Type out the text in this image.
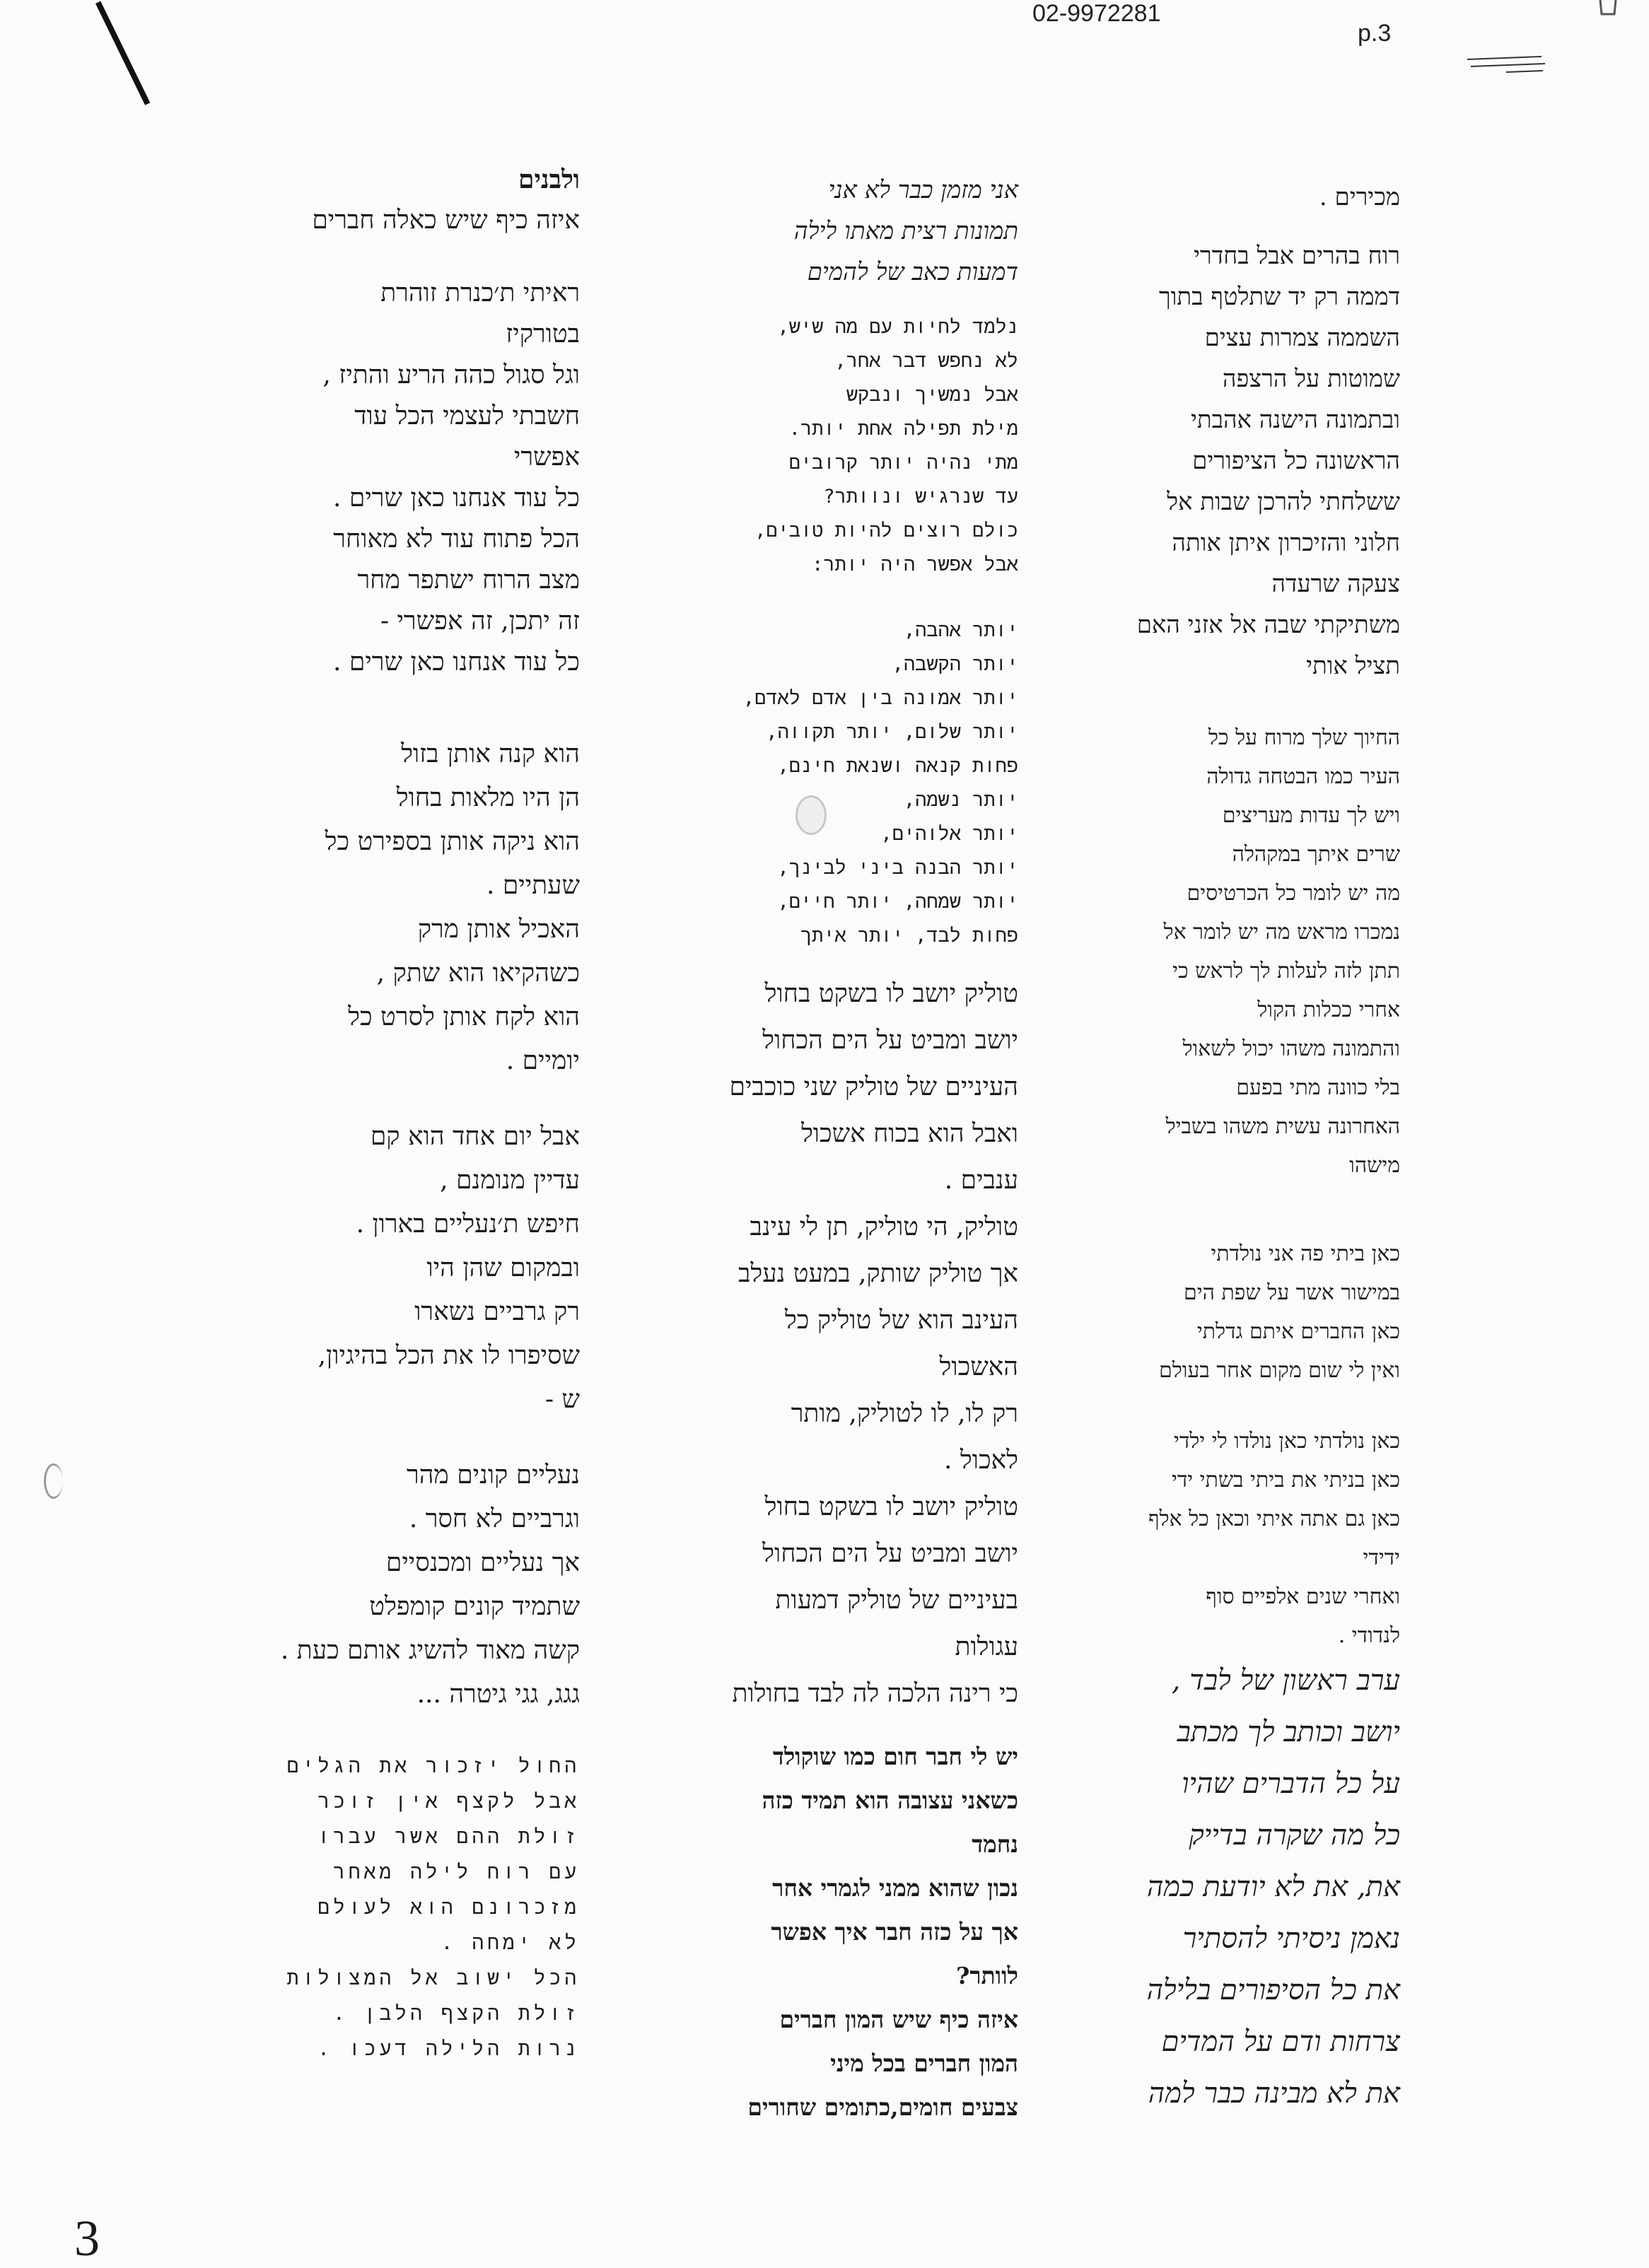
02-9972281
p.3

מכירים .

רוח בהרים אבל בחדרי

דממה רק יד שתלטף בתוך

השממה צמרות עצים

שמוטות על הרצפה

ובתמונה הישנה אהבתי

הראשונה כל הציפורים

ששלחתי להרכן שבות אל

חלוני והזיכרון איתן אותה

צעקה שרעדה

משתיקתי שבה אל אזני האם

תציל אותי

החיוך שלך מרוח על כל

העיר כמו הבטחה גדולה

ויש לך עדות מעריצים

שרים איתך במקהלה

מה יש לומר כל הכרטיסים

נמכרו מראש מה יש לומר אל

תתן לזה לעלות לך לראש כי

אחרי ככלות הקול

והתמונה משהו יכול לשאול

בלי כוונה מתי בפעם

האחרונה עשית משהו בשביל

מישהו

כאן ביתי פה אני נולדתי

במישור אשר על שפת הים

כאן החברים איתם גדלתי

ואין לי שום מקום אחר בעולם

כאן נולדתי כאן נולדו לי ילדי

כאן בניתי את ביתי בשתי ידי

כאן גם אתה איתי וכאן כל אלף

ידידי

ואחרי שנים אלפיים סוף

לנדודי .

ערב ראשון של לבד ,

יושב וכותב לך מכתב

על כל הדברים שהיו

כל מה שקרה בדייק

את, את לא יודעת כמה

נאמן ניסיתי להסתיר

את כל הסיפורים בלילה

צרחות ודם על המדים

את לא מבינה כבר למה

אני מזמן כבר לא אני

תמונות רצית מאתו לילה

דמעות כאב של להמים

נלמד לחיות עם מה שיש,

לא נחפש דבר אחר,

אבל נמשיך ונבקש

מילת תפילה אחת יותר.

מתי נהיה יותר קרובים

עד שנרגיש ונוותר?

כולם רוצים להיות טובים,

אבל אפשר היה יותר:

יותר אהבה,

יותר הקשבה,

יותר אמונה בין אדם לאדם,

יותר שלום, יותר תקווה,

פחות קנאה ושנאת חינם,

יותר נשמה,

יותר אלוהים,

יותר הבנה ביני לבינך,

יותר שמחה, יותר חיים,

פחות לבד, יותר איתך

טוליק יושב לו בשקט בחול

יושב ומביט על הים הכחול

העיניים של טוליק שני כוכבים

ואבל הוא בכוח אשכול

ענבים .

טוליק, הי טוליק, תן לי עינב

אך טוליק שותק, במעט נעלב

העינב הוא של טוליק כל

האשכול

רק לו, לו לטוליק, מותר

לאכול .

טוליק יושב לו בשקט בחול

יושב ומביט על הים הכחול

בעיניים של טוליק דמעות

עגולות

כי רינה הלכה לה לבד בחולות

יש לי חבר חום כמו שוקולד

כשאני עצובה הוא תמיד כזה

נחמד

נכון שהוא ממני לגמרי אחר

אך על כזה חבר איך אפשר

לוותר?

איזה כיף שיש המון חברים

המון חברים בכל מיני

צבעים חומים,כתומים שחורים

ולבנים

איזה כיף שיש כאלה חברים

ראיתי ת׳כנרת זוהרת

בטורקיז

וגל סגול כהה הריע והתיז ,

חשבתי לעצמי הכל עוד

אפשרי

כל עוד אנחנו כאן שרים .

הכל פתוח עוד לא מאוחר

מצב הרוח ישתפר מחר

זה יתכן, זה אפשרי -

כל עוד אנחנו כאן שרים .

הוא קנה אותן בזול

הן היו מלאות בחול

הוא ניקה אותן בספירט כל

שעתיים .

האכיל אותן מרק

כשהקיאו הוא שתק ,

הוא לקח אותן לסרט כל

יומיים .

אבל יום אחד הוא קם

עדיין מנומנם ,

חיפש ת׳נעליים בארון .

ובמקום שהן היו

רק גרביים נשארו

שסיפרו לו את הכל בהיגיון,

ש -

נעליים קונים מהר

וגרביים לא חסר .

אך נעליים ומכנסיים

שתמיד קונים קומפלט

קשה מאוד להשיג אותם כעת .

גגג, גגי גיטרה ...

החול יזכור את הגלים

אבל לקצף אין זוכר

זולת ההם אשר עברו

עם רוח לילה מאחר

מזכרונם הוא לעולם

לא ימחה .

הכל ישוב אל המצולות

זולת הקצף הלבן .

נרות הלילה דעכו .

3
